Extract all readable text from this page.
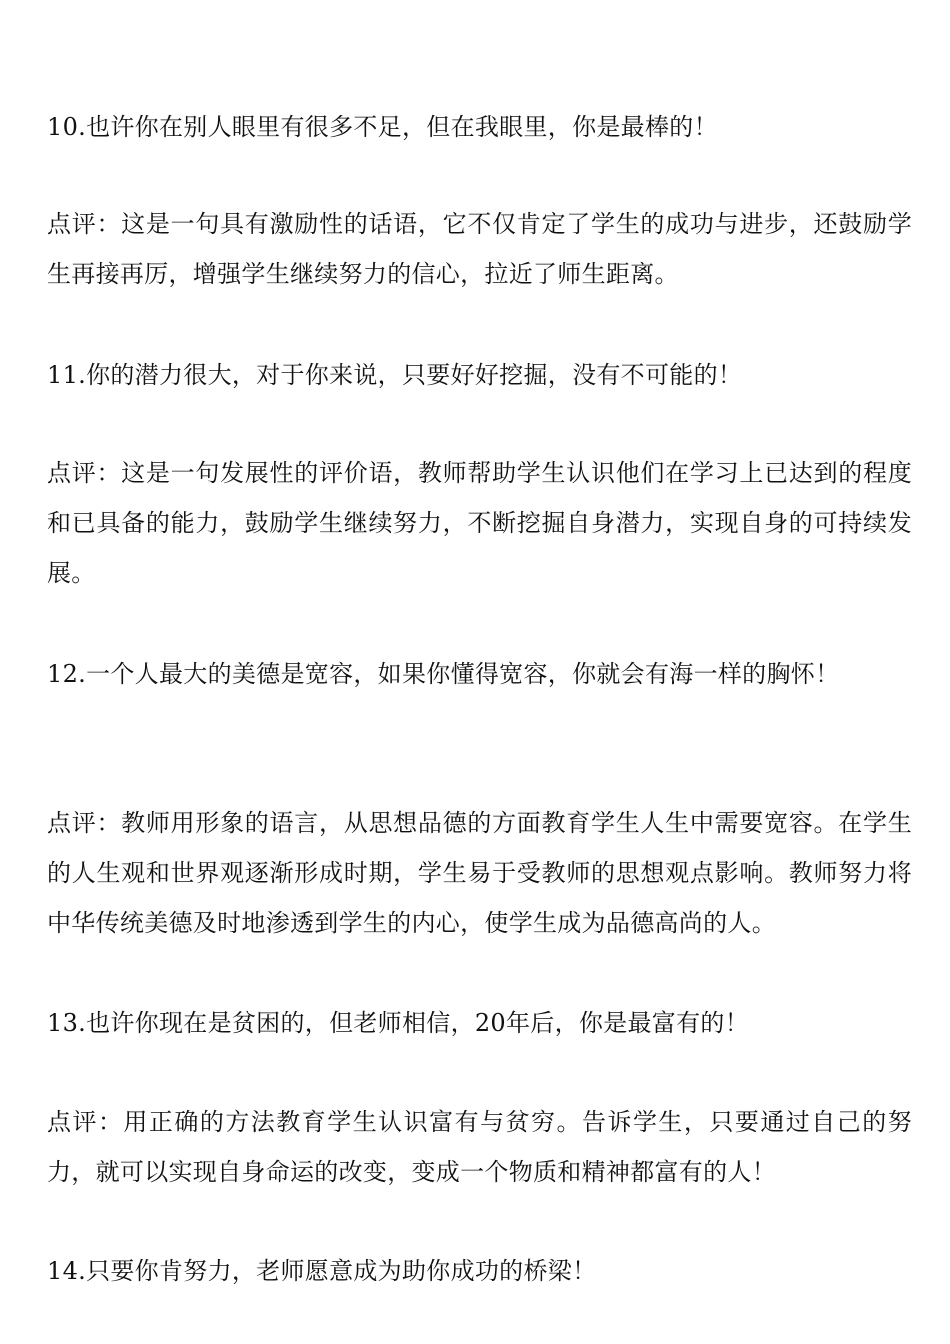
10.也许你在别人眼里有很多不足，但在我眼里，你是最棒的！

点评：这是一句具有激励性的话语，它不仅肯定了学生的成功与进步，还鼓励学生再接再厉，增强学生继续努力的信心，拉近了师生距离。

11.你的潜力很大，对于你来说，只要好好挖掘，没有不可能的！

点评：这是一句发展性的评价语，教师帮助学生认识他们在学习上已达到的程度和已具备的能力，鼓励学生继续努力，不断挖掘自身潜力，实现自身的可持续发展。

12.一个人最大的美德是宽容，如果你懂得宽容，你就会有海一样的胸怀！

点评：教师用形象的语言，从思想品德的方面教育学生人生中需要宽容。在学生的人生观和世界观逐渐形成时期，学生易于受教师的思想观点影响。教师努力将中华传统美德及时地渗透到学生的内心，使学生成为品德高尚的人。

13.也许你现在是贫困的，但老师相信，20年后，你是最富有的！

点评：用正确的方法教育学生认识富有与贫穷。告诉学生，只要通过自己的努力，就可以实现自身命运的改变，变成一个物质和精神都富有的人！

14.只要你肯努力，老师愿意成为助你成功的桥梁！
